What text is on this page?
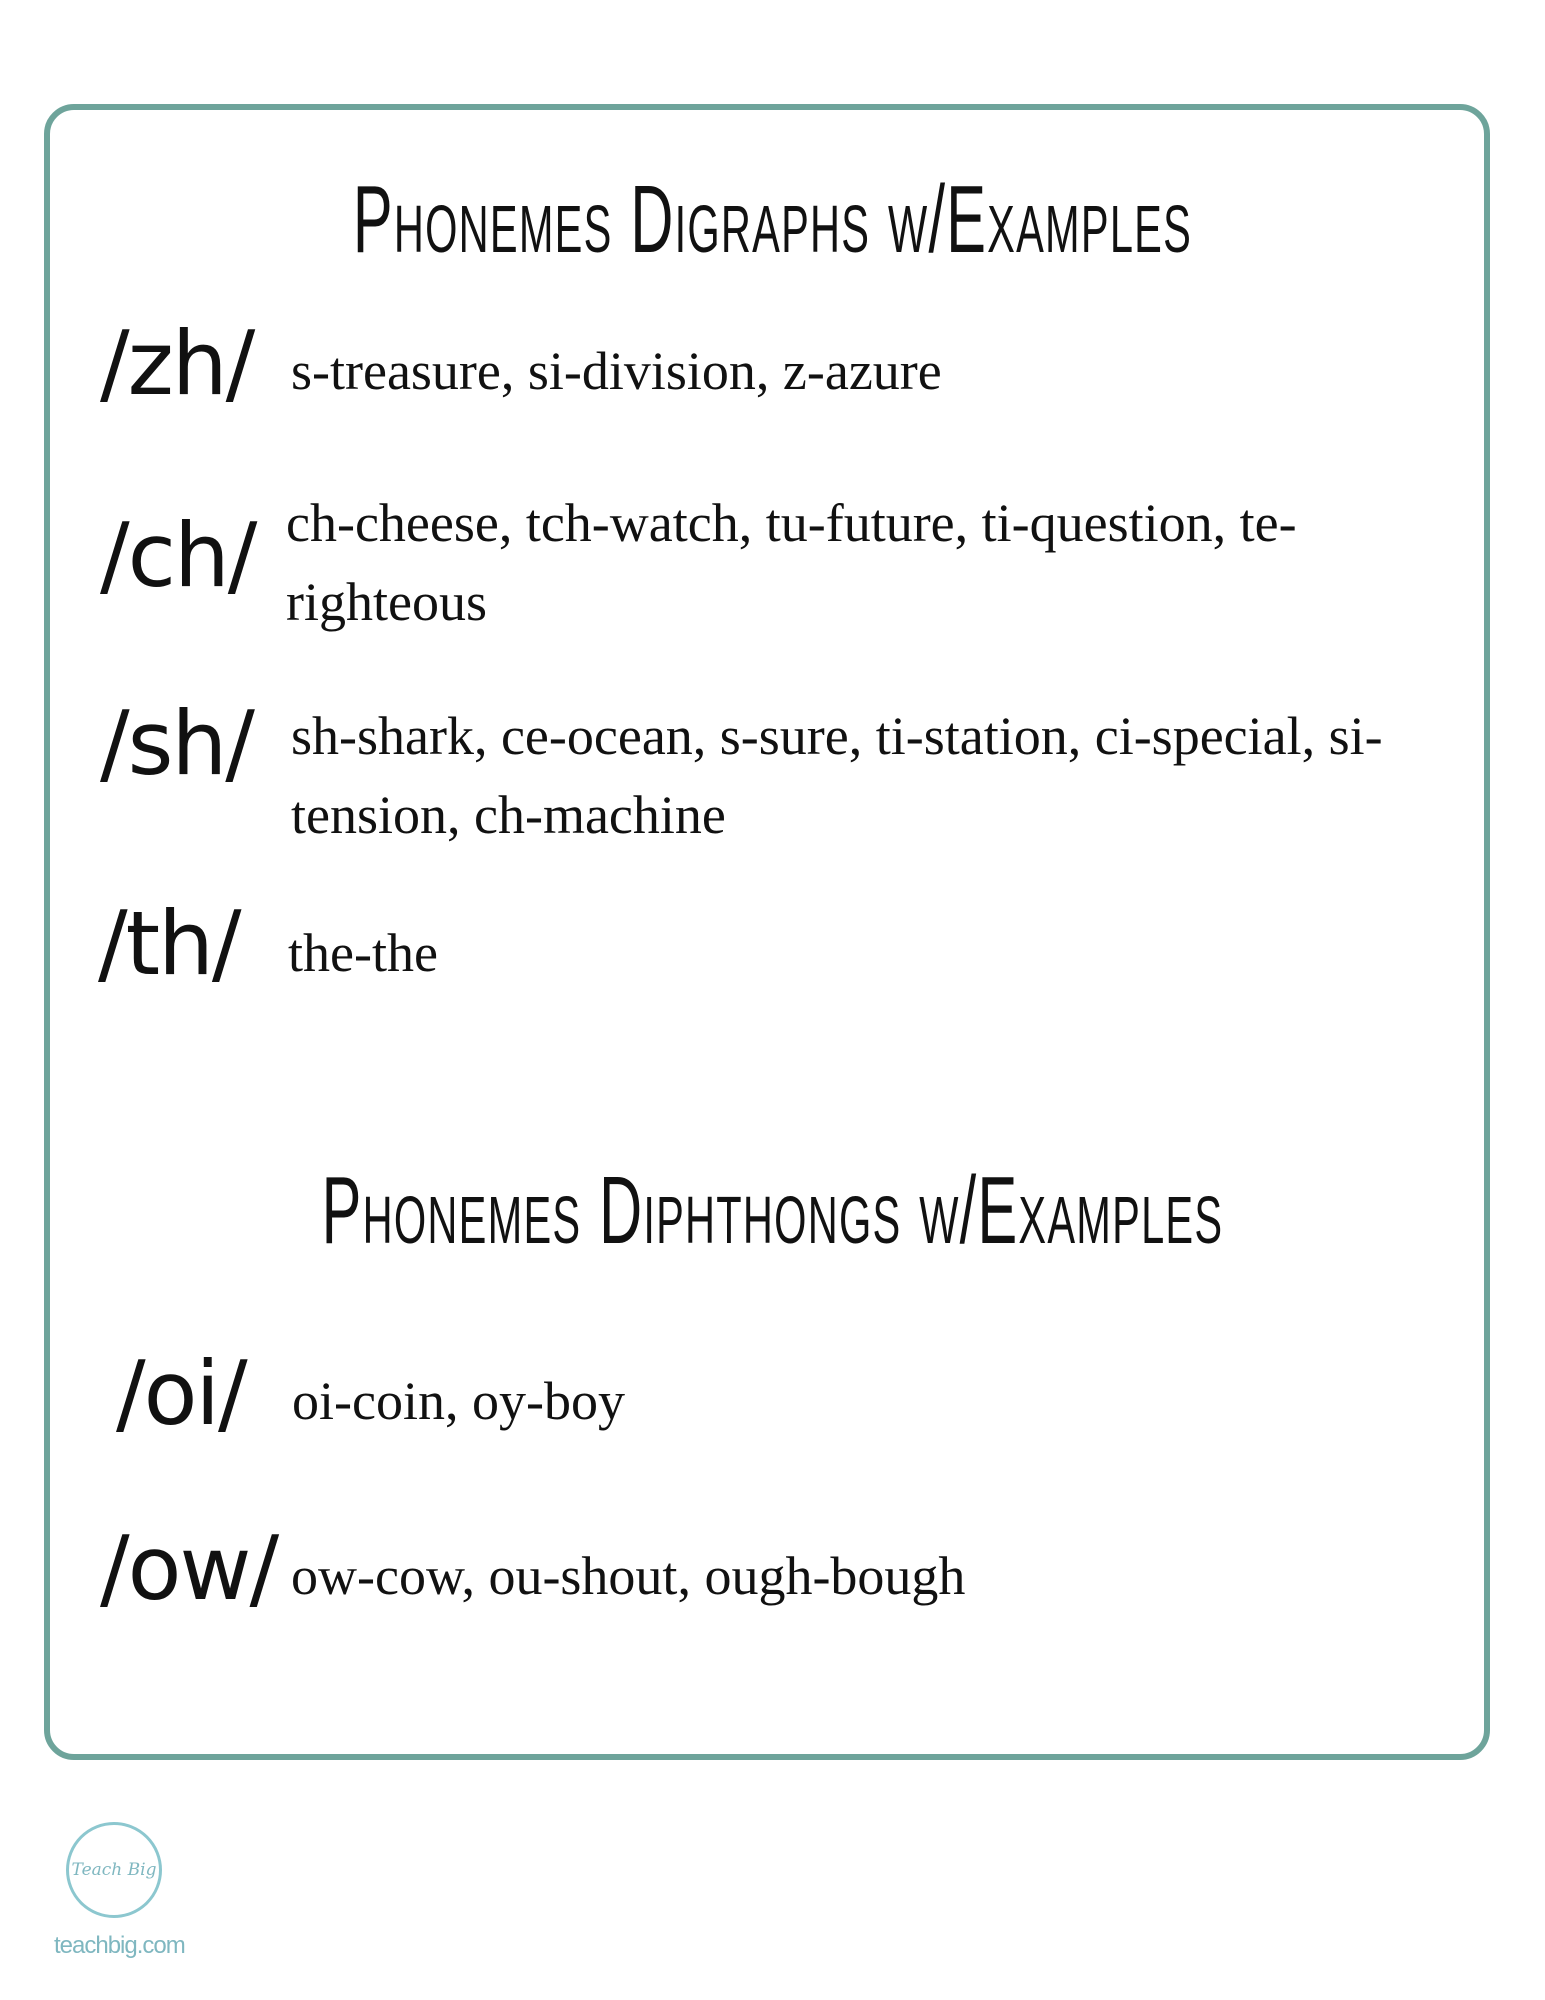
Phonemes Digraphs w/Examples
/zh/ s-treasure, si-division, z-azure
/ch/ ch-cheese, tch-watch, tu-future, ti-question, te-righteous
/sh/ sh-shark, ce-ocean, s-sure, ti-station, ci-special, si-tension, ch-machine
/th/ the-the
Phonemes Diphthongs w/Examples
/oi/ oi-coin, oy-boy
/ow/ ow-cow, ou-shout, ough-bough
Teach Big
teachbig.com
